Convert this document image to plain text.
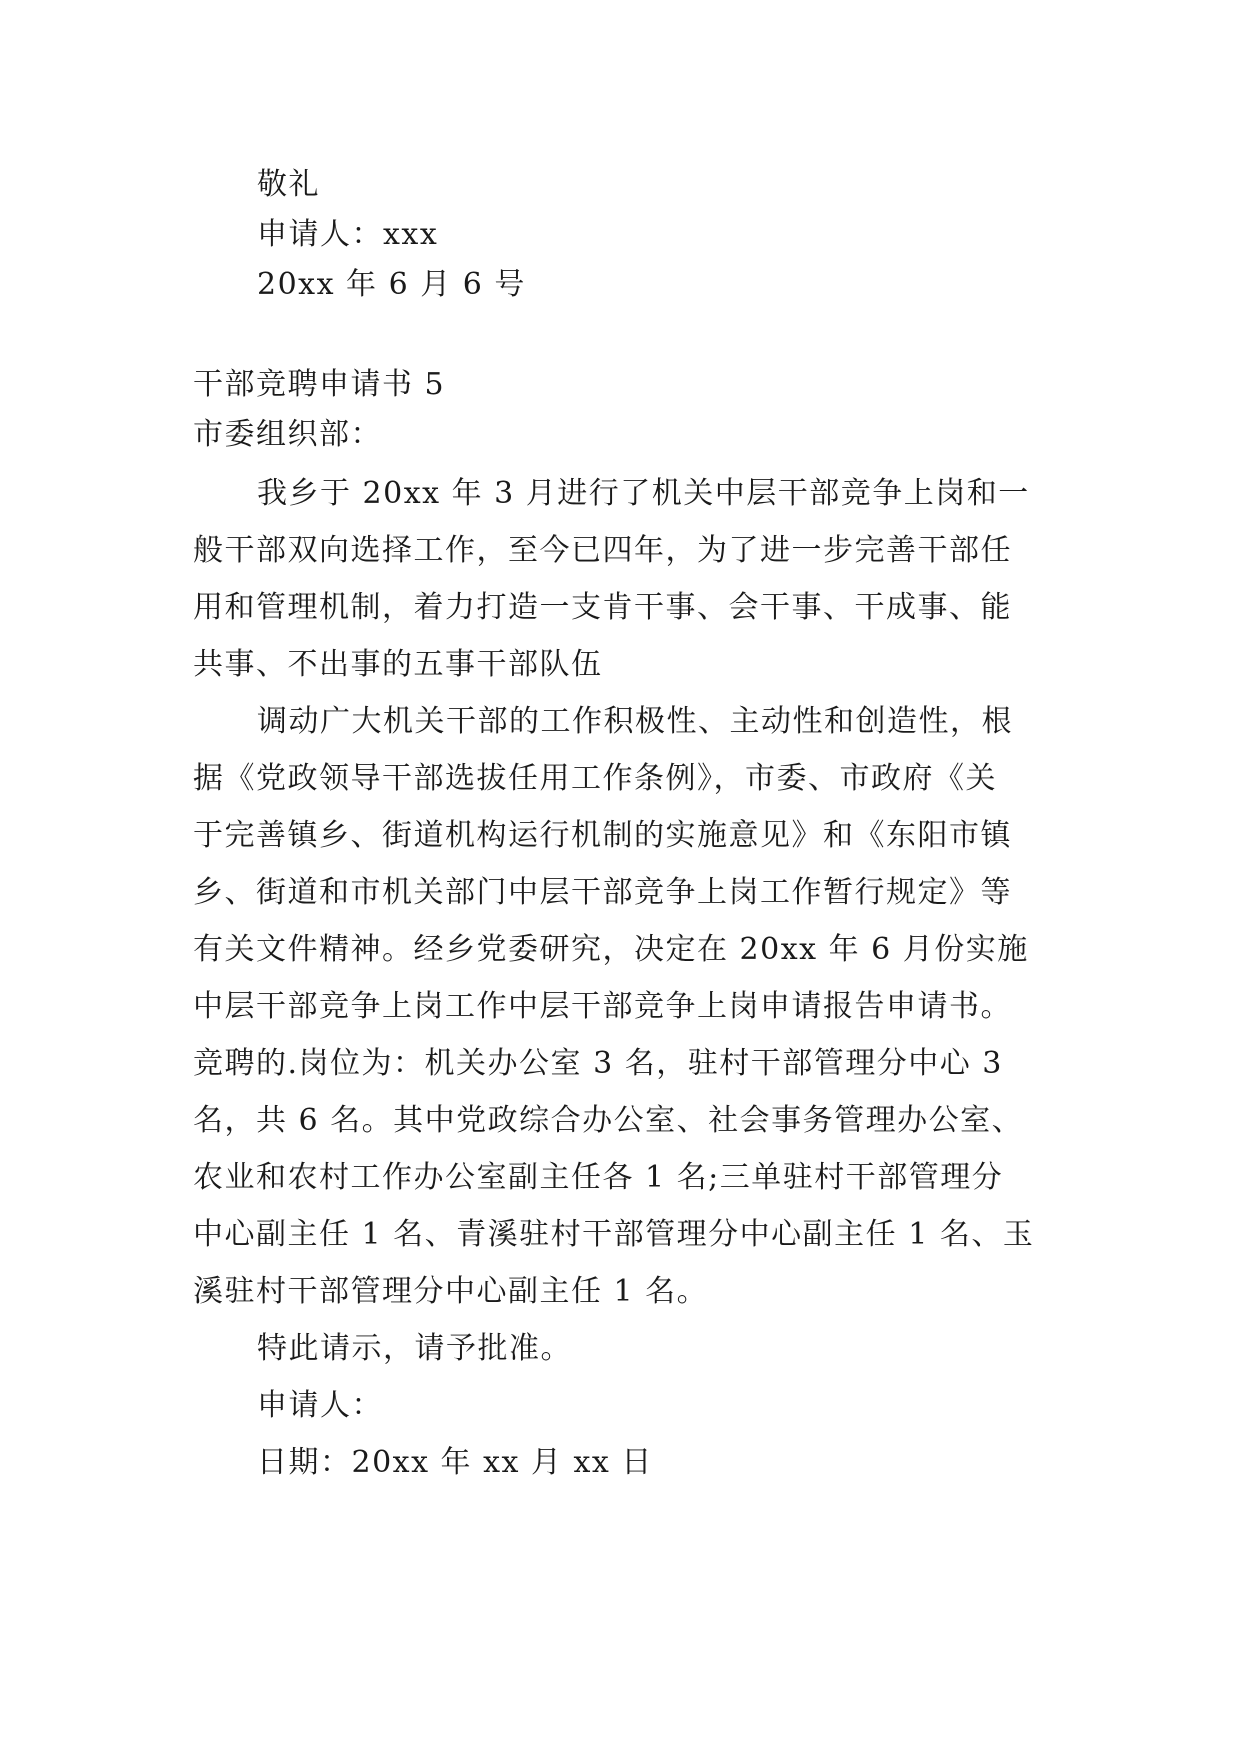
敬礼
申请人：xxx
20xx 年 6 月 6 号
干部竞聘申请书 5
市委组织部：
我乡于 20xx 年 3 月进行了机关中层干部竞争上岗和一
般干部双向选择工作，至今已四年，为了进一步完善干部任
用和管理机制，着力打造一支肯干事、会干事、干成事、能
共事、不出事的五事干部队伍
调动广大机关干部的工作积极性、主动性和创造性，根
据《党政领导干部选拔任用工作条例》，市委、市政府《关
于完善镇乡、街道机构运行机制的实施意见》和《东阳市镇
乡、街道和市机关部门中层干部竞争上岗工作暂行规定》等
有关文件精神。经乡党委研究，决定在 20xx 年 6 月份实施
中层干部竞争上岗工作中层干部竞争上岗申请报告申请书。
竞聘的.岗位为：机关办公室 3 名，驻村干部管理分中心 3
名，共 6 名。其中党政综合办公室、社会事务管理办公室、
农业和农村工作办公室副主任各 1 名;三单驻村干部管理分
中心副主任 1 名、青溪驻村干部管理分中心副主任 1 名、玉
溪驻村干部管理分中心副主任 1 名。
特此请示，请予批准。
申请人：
日期：20xx 年 xx 月 xx 日
